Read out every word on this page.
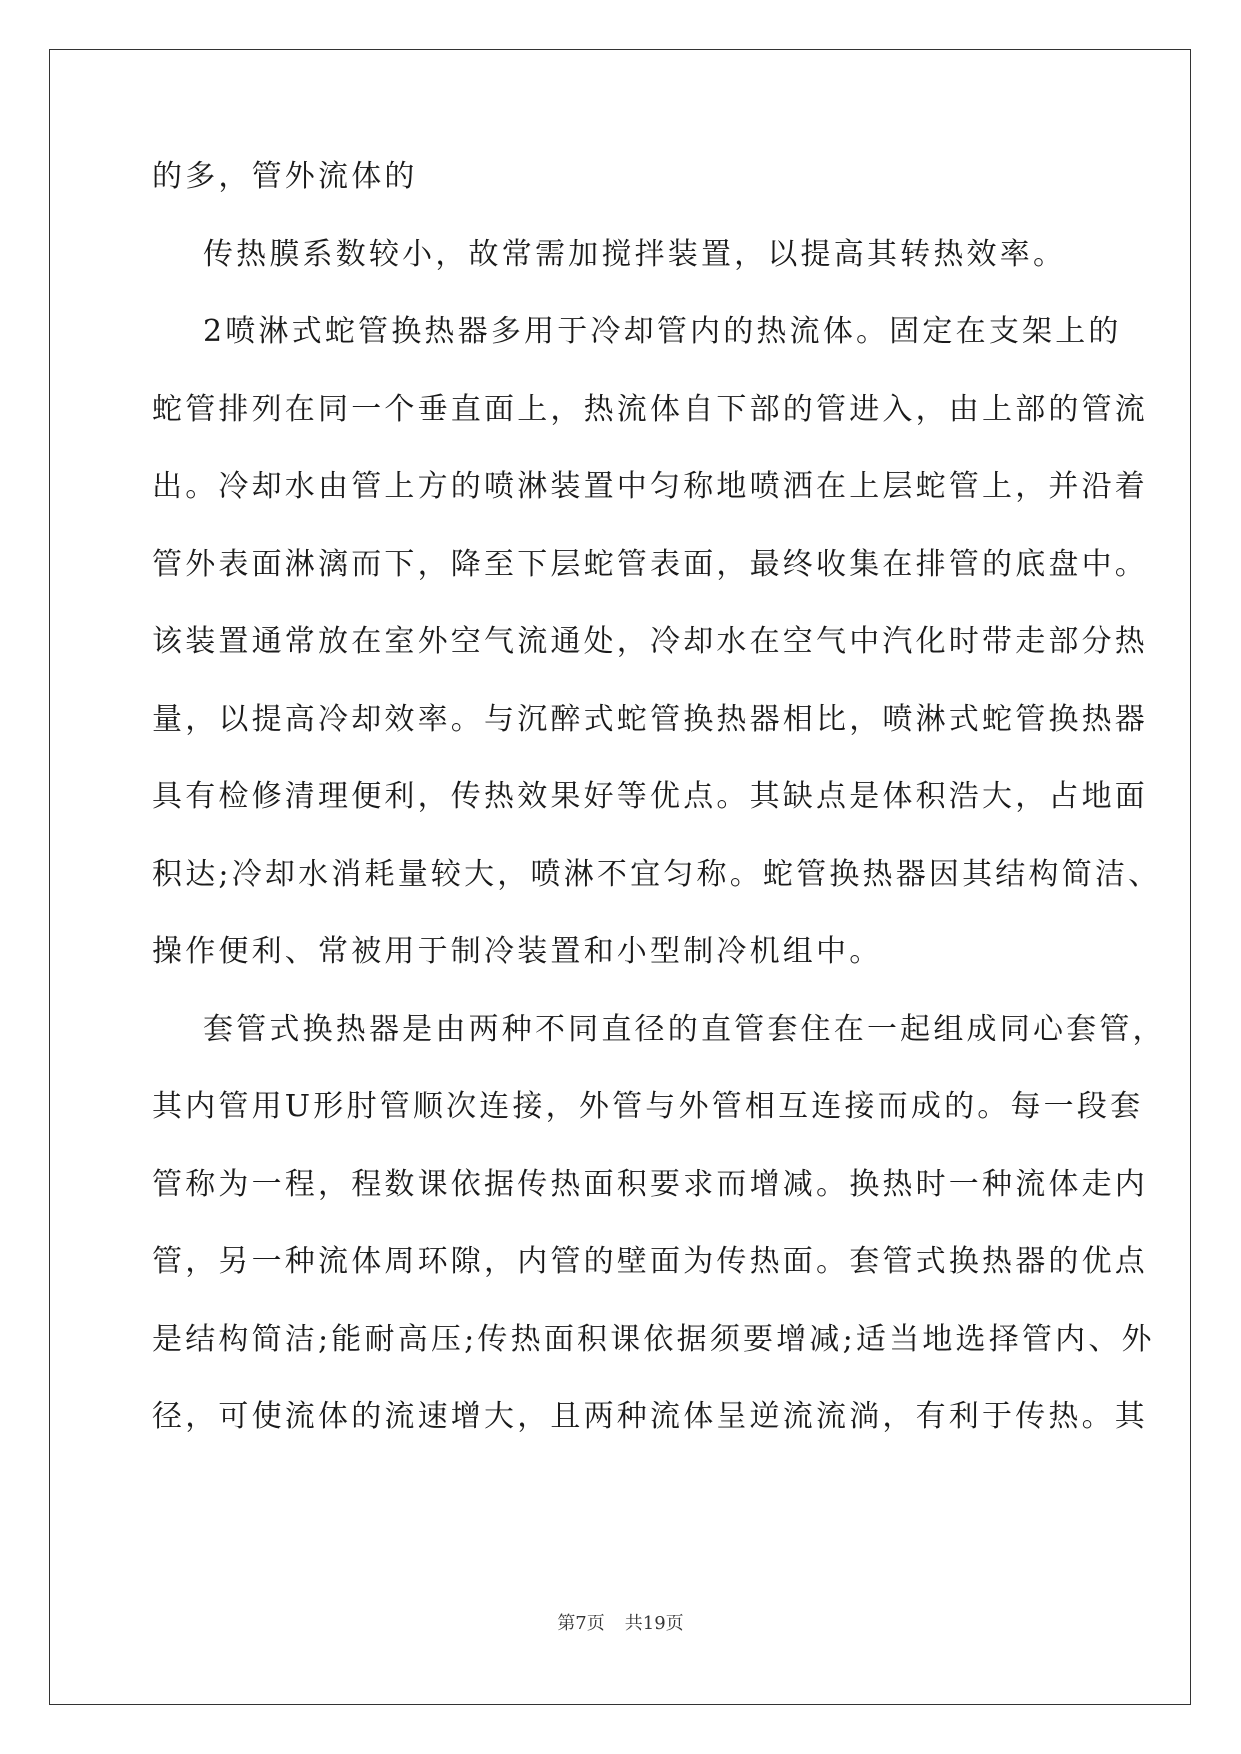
的多，管外流体的
传热膜系数较小，故常需加搅拌装置，以提高其转热效率。
2喷淋式蛇管换热器多用于冷却管内的热流体。固定在支架上的
蛇管排列在同一个垂直面上，热流体自下部的管进入，由上部的管流
出。冷却水由管上方的喷淋装置中匀称地喷洒在上层蛇管上，并沿着
管外表面淋漓而下，降至下层蛇管表面，最终收集在排管的底盘中。
该装置通常放在室外空气流通处，冷却水在空气中汽化时带走部分热
量，以提高冷却效率。与沉醉式蛇管换热器相比，喷淋式蛇管换热器
具有检修清理便利，传热效果好等优点。其缺点是体积浩大，占地面
积达;冷却水消耗量较大，喷淋不宜匀称。蛇管换热器因其结构简洁、
操作便利、常被用于制冷装置和小型制冷机组中。
套管式换热器是由两种不同直径的直管套住在一起组成同心套管，
其内管用U形肘管顺次连接，外管与外管相互连接而成的。每一段套
管称为一程，程数课依据传热面积要求而增减。换热时一种流体走内
管，另一种流体周环隙，内管的壁面为传热面。套管式换热器的优点
是结构简洁;能耐高压;传热面积课依据须要增减;适当地选择管内、外
径，可使流体的流速增大，且两种流体呈逆流流淌，有利于传热。其
第7页 共19页
